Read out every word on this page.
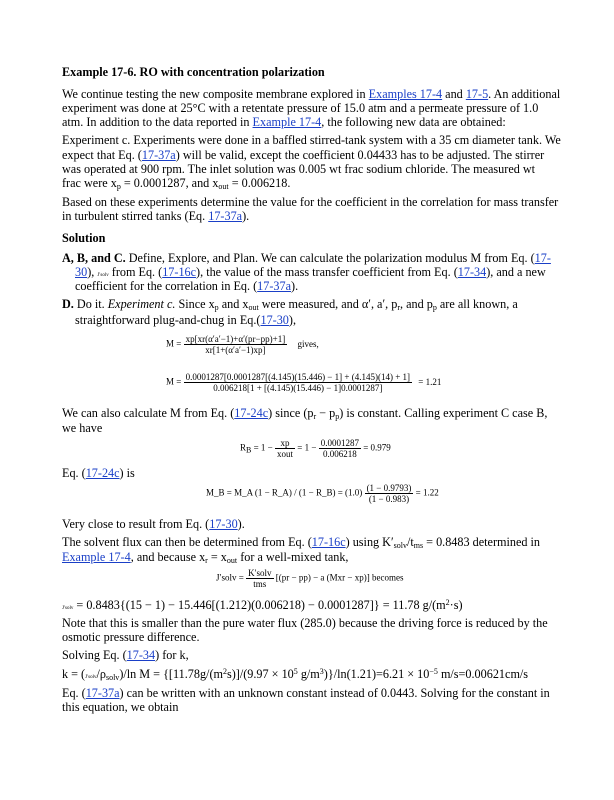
Example 17-6. RO with concentration polarization
We continue testing the new composite membrane explored in Examples 17-4 and 17-5. An additional
experiment was done at 25°C with a retentate pressure of 15.0 atm and a permeate pressure of 1.0
atm. In addition to the data reported in Example 17-4, the following new data are obtained:
Experiment c. Experiments were done in a baffled stirred-tank system with a 35 cm diameter tank. We
expect that Eq. (17-37a) will be valid, except the coefficient 0.04433 has to be adjusted. The stirrer
was operated at 900 rpm. The inlet solution was 0.005 wt frac sodium chloride. The measured wt
frac were $x_p = 0.0001287$, and $x_{out} = 0.006218$.
Based on these experiments determine the value for the coefficient in the correlation for mass transfer
in turbulent stirred tanks (Eq. 17-37a).
Solution
A, B, and C. Define, Explore, and Plan. We can calculate the polarization modulus M from Eq. (17-
30), J′solv from Eq. (17-16c), the value of the mass transfer coefficient from Eq. (17-34), and a new
coefficient for the correlation in Eq. (17-37a).
D. Do it. Experiment c. Since $x_p$ and $x_{out}$ were measured, and α′, a′, $p_r$, and $p_p$ are all known, a
straightforward plug-and-chug in Eq.(17-30),
$M = \frac{xp[xr(\alpha'a'-1)+\alpha'(pr-pp)+1]}{xr[1+(\alpha'a'-1)xp]}$ gives,
$M = \frac{0.0001287[0.0001287[(4.145)(15.446) - 1] + (4.145)(14) + 1]}{0.006218[1 + [(4.145)(15.446) - 1]0.0001287]} = 1.21$
We can also calculate M from Eq. (17-24c) since $(p_r - p_p)$ is constant. Calling experiment C case B,
we have
$R_B = 1 - \frac{xp}{\text{xout}} = 1 - \frac{0.0001287}{0.006218} = 0.979$
Eq. (17-24c) is
M_B = M_A (1 − R_A) / (1 − R_B) = $(1.0) \frac{(1 - 0.9793)}{(1 - 0.983)} = 1.22$
Very close to result from Eq. (17-30).
The solvent flux can then be determined from Eq. (17-16c) using $K'_{solv}/t_{ms} = 0.8483$ determined in
Example 17-4, and because $x_r = x_{out}$ for a well-mixed tank,
J′solv = $\frac{\text{K′solv}}{\text{tms}} [(pr - pp) - a$ (Mxr − xp)] becomes
J′solv = 0.8483{(15 − 1) − 15.446[(1.212)(0.006218) − 0.0001287]} = 11.78 $g/(m^2\cdot s)$
Note that this is smaller than the pure water flux (285.0) because the driving force is reduced by the
osmotic pressure difference.
Solving Eq. (17-34) for k,
$k = (J'solv/\rho_{solv})/\ln$ $M = \{[11.78g/(m^2s)]/(9.97 \times 10^5$ $g/m^3)\}/\ln(1.21)=6.21 \times 10^{-5}$ m/s=0.00621cm/s
Eq. (17-37a) can be written with an unknown constant instead of 0.0443. Solving for the constant in
this equation, we obtain
